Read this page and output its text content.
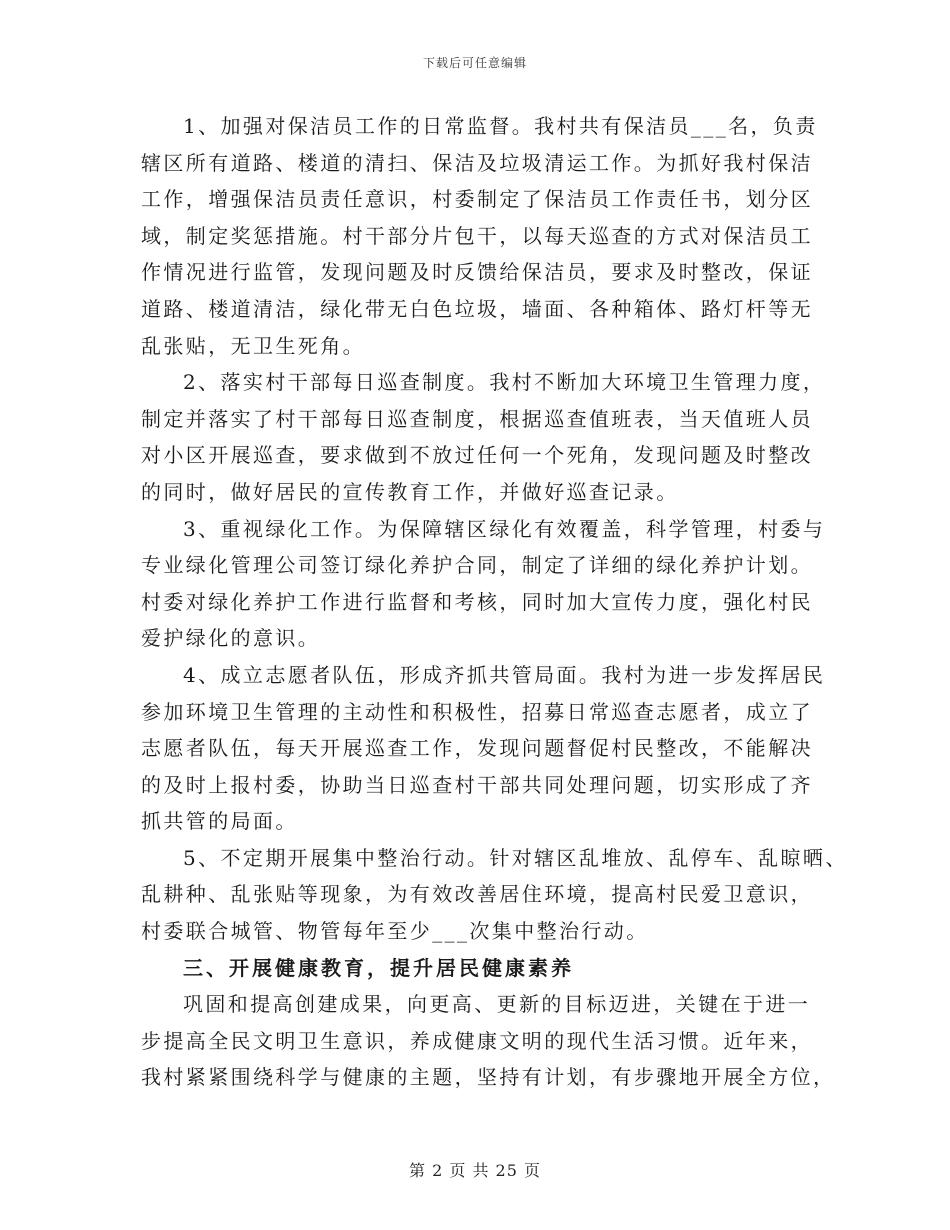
下载后可任意编辑
1、加强对保洁员工作的日常监督。我村共有保洁员___名，负责
辖区所有道路、楼道的清扫、保洁及垃圾清运工作。为抓好我村保洁
工作，增强保洁员责任意识，村委制定了保洁员工作责任书，划分区
域，制定奖惩措施。村干部分片包干，以每天巡查的方式对保洁员工
作情况进行监管，发现问题及时反馈给保洁员，要求及时整改，保证
道路、楼道清洁，绿化带无白色垃圾，墙面、各种箱体、路灯杆等无
乱张贴，无卫生死角。
2、落实村干部每日巡查制度。我村不断加大环境卫生管理力度，
制定并落实了村干部每日巡查制度，根据巡查值班表，当天值班人员
对小区开展巡查，要求做到不放过任何一个死角，发现问题及时整改
的同时，做好居民的宣传教育工作，并做好巡查记录。
3、重视绿化工作。为保障辖区绿化有效覆盖，科学管理，村委与
专业绿化管理公司签订绿化养护合同，制定了详细的绿化养护计划。
村委对绿化养护工作进行监督和考核，同时加大宣传力度，强化村民
爱护绿化的意识。
4、成立志愿者队伍，形成齐抓共管局面。我村为进一步发挥居民
参加环境卫生管理的主动性和积极性，招募日常巡查志愿者，成立了
志愿者队伍，每天开展巡查工作，发现问题督促村民整改，不能解决
的及时上报村委，协助当日巡查村干部共同处理问题，切实形成了齐
抓共管的局面。
5、不定期开展集中整治行动。针对辖区乱堆放、乱停车、乱晾晒、
乱耕种、乱张贴等现象，为有效改善居住环境，提高村民爱卫意识，
村委联合城管、物管每年至少___次集中整治行动。
三、开展健康教育，提升居民健康素养
巩固和提高创建成果，向更高、更新的目标迈进，关键在于进一
步提高全民文明卫生意识，养成健康文明的现代生活习惯。近年来，
我村紧紧围绕科学与健康的主题，坚持有计划，有步骤地开展全方位，
第 2 页 共 25 页
